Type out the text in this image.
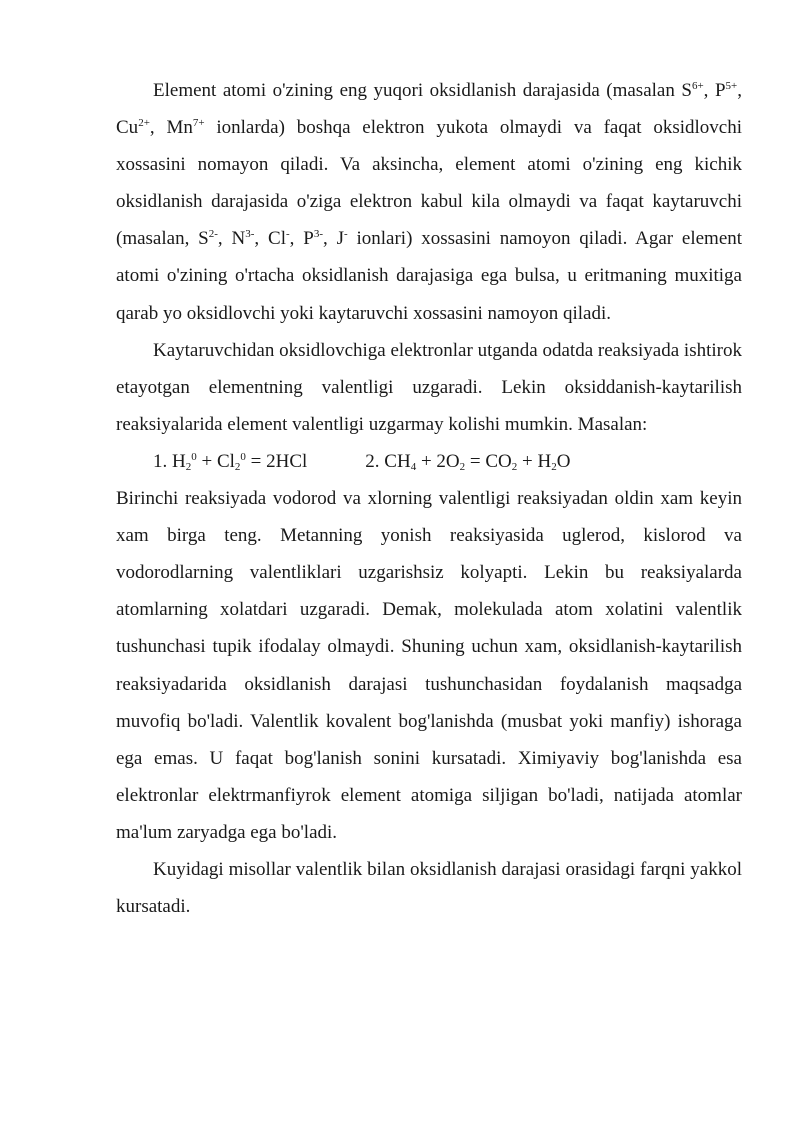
Element atomi o'zining eng yuqori oksidlanish darajasida (masalan $S^{6+}$, $P^{5+}$, $Cu^{2+}$, $Mn^{7+}$ ionlarda) boshqa elektron yukota olmaydi va faqat oksidlovchi xossasini nomayon qiladi. Va aksincha, element atomi o'zining eng kichik oksidlanish darajasida o'ziga elektron kabul kila olmaydi va faqat kaytaruvchi (masalan, $S^{2-}$, $N^{3-}$, Cl-, $P^{3-}$, J- ionlari) xossasini namoyon qiladi. Agar element atomi o'zining o'rtacha oksidlanish darajasiga ega bulsa, u eritmaning muxitiga qarab yo oksidlovchi yoki kaytaruvchi xossasini namoyon qiladi.

Kaytaruvchidan oksidlovchiga elektronlar utganda odatda reaksiyada ishtirok etayotgan elementning valentligi uzgaradi. Lekin oksiddanish-kaytarilish reaksiyalarida element valentligi uzgarmay kolishi mumkin. Masalan:

1. $H_2^0 + Cl_2^0 = 2HCl$	2. $CH_4 + 2O_2 = CO_2 + H_2O$

Birinchi reaksiyada vodorod va xlorning valentligi reaksiyadan oldin xam keyin xam birga teng. Metanning yonish reaksiyasida uglerod, kislorod va vodorodlarning valentliklari uzgarishsiz kolyapti. Lekin bu reaksiyalarda atomlarning xolatdari uzgaradi. Demak, molekulada atom xolatini valentlik tushunchasi tupik ifodalay olmaydi. Shuning uchun xam, oksidlanish-kaytarilish reaksiyadarida oksidlanish darajasi tushunchasidan foydalanish maqsadga muvofiq bo'ladi. Valentlik kovalent bog'lanishda (musbat yoki manfiy) ishoraga ega emas. U faqat bog'lanish sonini kursatadi. Ximiyaviy bog'lanishda esa elektronlar elektrmanfiyrok element atomiga siljigan bo'ladi, natijada atomlar ma'lum zaryadga ega bo'ladi.

Kuyidagi misollar valentlik bilan oksidlanish darajasi orasidagi farqni yakkol kursatadi.
